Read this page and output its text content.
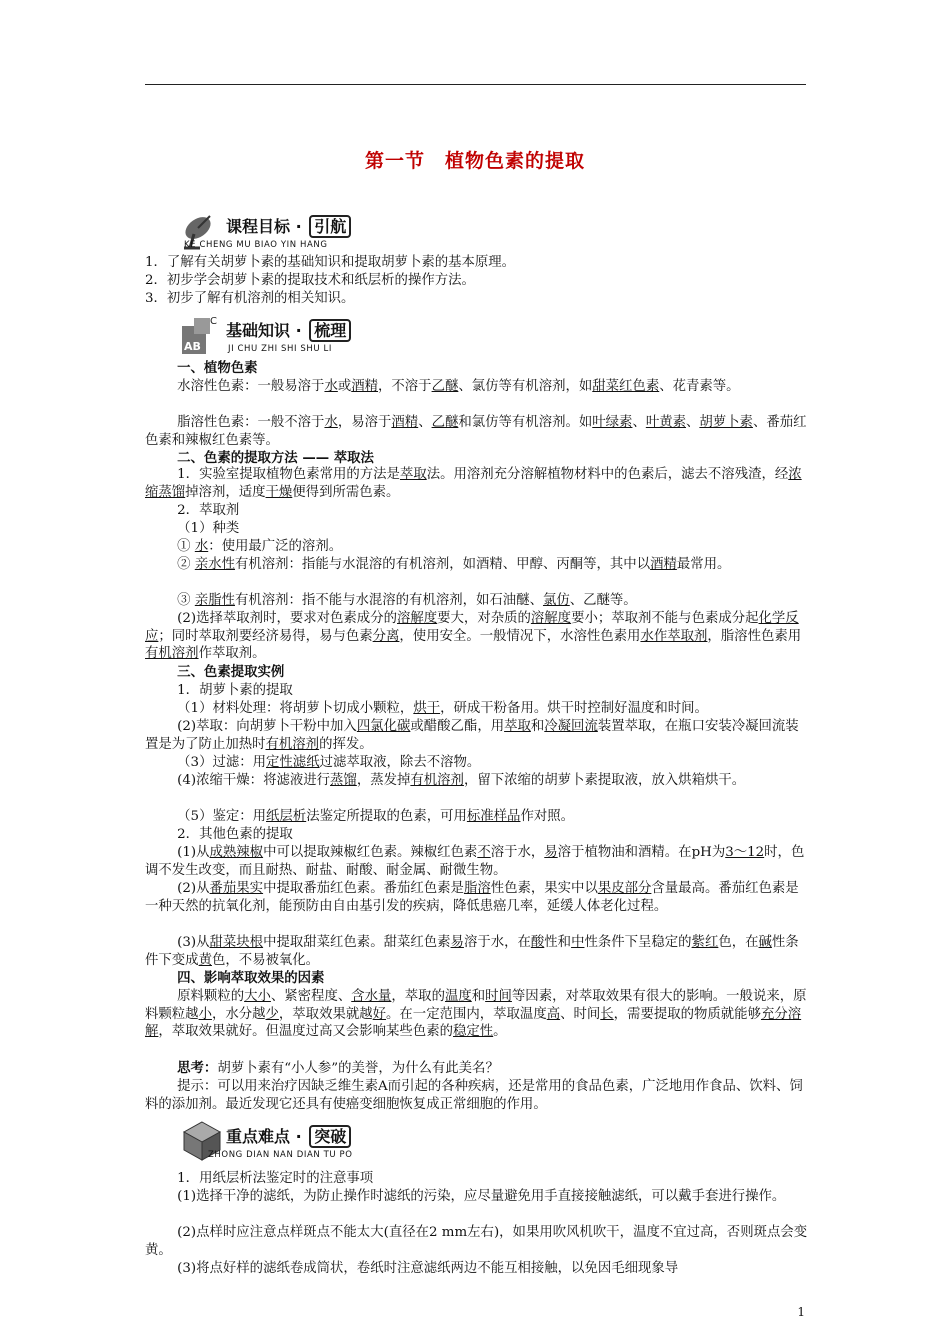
第一节　植物色素的提取
课程目标 · 引航
KE CHENG MU BIAO YIN HANG
1．了解有关胡萝卜素的基础知识和提取胡萝卜素的基本原理。
2．初步学会胡萝卜素的提取技术和纸层析的操作方法。
3．初步了解有机溶剂的相关知识。
C
AB
基础知识 · 梳理
JI CHU ZHI SHI SHU LI
一、植物色素
水溶性色素：一般易溶于水或酒精，不溶于乙醚、氯仿等有机溶剂，如甜菜红色素、花青素等。
脂溶性色素：一般不溶于水，易溶于酒精、乙醚和氯仿等有机溶剂。如叶绿素、叶黄素、胡萝卜素、番茄红色素和辣椒红色素等。
二、色素的提取方法 —— 萃取法
1．实验室提取植物色素常用的方法是萃取法。用溶剂充分溶解植物材料中的色素后，滤去不溶残渣，经浓缩蒸馏掉溶剂，适度干燥便得到所需色素。
2．萃取剂
（1）种类
① 水：使用最广泛的溶剂。
② 亲水性有机溶剂：指能与水混溶的有机溶剂，如酒精、甲醇、丙酮等，其中以酒精最常用。
③ 亲脂性有机溶剂：指不能与水混溶的有机溶剂，如石油醚、氯仿、乙醚等。
(2)选择萃取剂时，要求对色素成分的溶解度要大，对杂质的溶解度要小；萃取剂不能与色素成分起化学反应；同时萃取剂要经济易得，易与色素分离，使用安全。一般情况下，水溶性色素用水作萃取剂，脂溶性色素用有机溶剂作萃取剂。
三、色素提取实例
1．胡萝卜素的提取
（1）材料处理：将胡萝卜切成小颗粒，烘干，研成干粉备用。烘干时控制好温度和时间。
(2)萃取：向胡萝卜干粉中加入四氯化碳或醋酸乙酯，用萃取和冷凝回流装置萃取，在瓶口安装冷凝回流装置是为了防止加热时有机溶剂的挥发。
（3）过滤：用定性滤纸过滤萃取液，除去不溶物。
(4)浓缩干燥：将滤液进行蒸馏，蒸发掉有机溶剂，留下浓缩的胡萝卜素提取液，放入烘箱烘干。
（5）鉴定：用纸层析法鉴定所提取的色素，可用标准样品作对照。
2．其他色素的提取
(1)从成熟辣椒中可以提取辣椒红色素。辣椒红色素不溶于水，易溶于植物油和酒精。在pH为3～12时，色调不发生改变，而且耐热、耐盐、耐酸、耐金属、耐微生物。
(2)从番茄果实中提取番茄红色素。番茄红色素是脂溶性色素，果实中以果皮部分含量最高。番茄红色素是一种天然的抗氧化剂，能预防由自由基引发的疾病，降低患癌几率，延缓人体老化过程。
(3)从甜菜块根中提取甜菜红色素。甜菜红色素易溶于水，在酸性和中性条件下呈稳定的紫红色，在碱性条件下变成黄色，不易被氧化。
四、影响萃取效果的因素
原料颗粒的大小、紧密程度、含水量，萃取的温度和时间等因素，对萃取效果有很大的影响。一般说来，原料颗粒越小，水分越少，萃取效果就越好。在一定范围内，萃取温度高、时间长，需要提取的物质就能够充分溶解，萃取效果就好。但温度过高又会影响某些色素的稳定性。
思考：胡萝卜素有“小人参”的美誉，为什么有此美名？
提示：可以用来治疗因缺乏维生素A而引起的各种疾病，还是常用的食品色素，广泛地用作食品、饮料、饲料的添加剂。最近发现它还具有使癌变细胞恢复成正常细胞的作用。
重点难点 · 突破
ZHONG DIAN NAN DIAN TU PO
1．用纸层析法鉴定时的注意事项
(1)选择干净的滤纸，为防止操作时滤纸的污染，应尽量避免用手直接接触滤纸，可以戴手套进行操作。
(2)点样时应注意点样斑点不能太大(直径在2 mm左右)，如果用吹风机吹干，温度不宜过高，否则斑点会变黄。
(3)将点好样的滤纸卷成筒状，卷纸时注意滤纸两边不能互相接触，以免因毛细现象导
1
